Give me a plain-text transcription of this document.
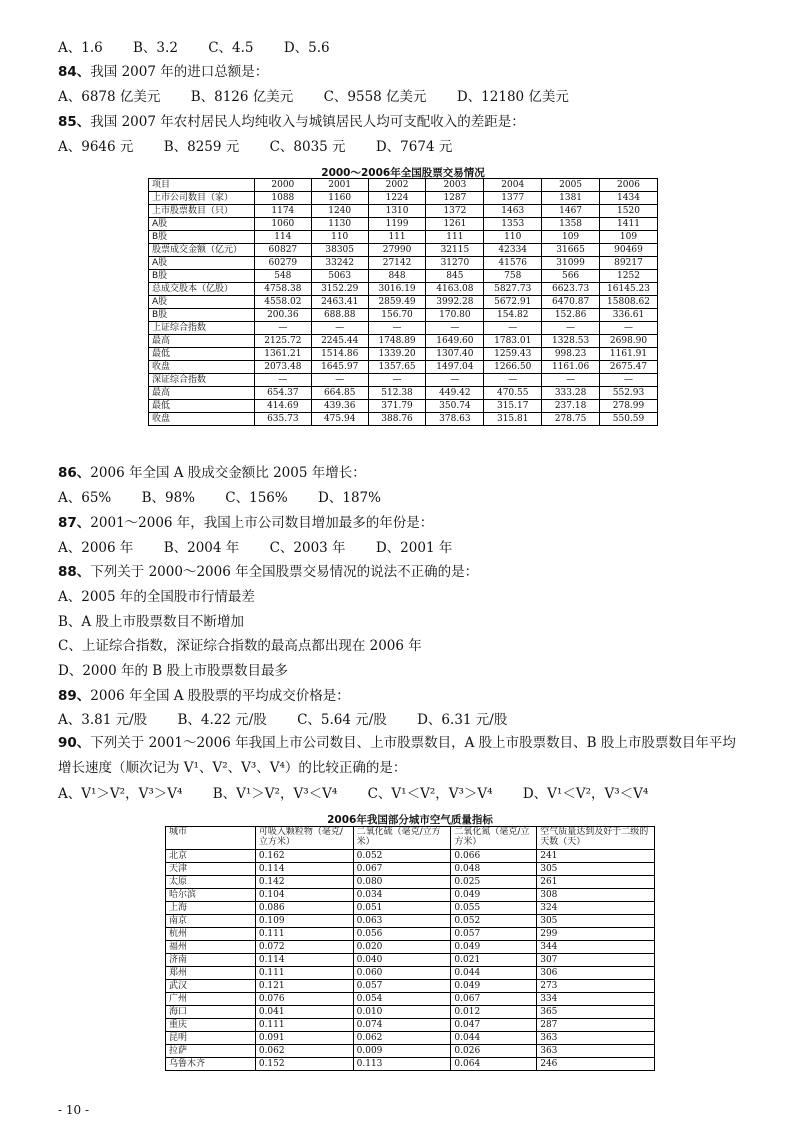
A、1.6 B、3.2 C、4.5 D、5.6
84、我国 2007 年的进口总额是：
A、6878 亿美元 B、8126 亿美元 C、9558 亿美元 D、12180 亿美元
85、我国 2007 年农村居民人均纯收入与城镇居民人均可支配收入的差距是：
A、9646 元 B、8259 元 C、8035 元 D、7674 元
2000～2006年全国股票交易情况
项目	2000	2001	2002	2003	2004	2005	2006
上市公司数目（家）	1088	1160	1224	1287	1377	1381	1434
上市股票数目（只）	1174	1240	1310	1372	1463	1467	1520
A股	1060	1130	1199	1261	1353	1358	1411
B股	114	110	111	111	110	109	109
股票成交金额（亿元）	60827	38305	27990	32115	42334	31665	90469
A股	60279	33242	27142	31270	41576	31099	89217
B股	548	5063	848	845	758	566	1252
总成交股本（亿股）	4758.38	3152.29	3016.19	4163.08	5827.73	6623.73	16145.23
A股	4558.02	2463.41	2859.49	3992.28	5672.91	6470.87	15808.62
B股	200.36	688.88	156.70	170.80	154.82	152.86	336.61
上证综合指数	—	—	—	—	—	—	—
最高	2125.72	2245.44	1748.89	1649.60	1783.01	1328.53	2698.90
最低	1361.21	1514.86	1339.20	1307.40	1259.43	998.23	1161.91
收盘	2073.48	1645.97	1357.65	1497.04	1266.50	1161.06	2675.47
深证综合指数	—	—	—	—	—	—	—
最高	654.37	664.85	512.38	449.42	470.55	333.28	552.93
最低	414.69	439.36	371.79	350.74	315.17	237.18	278.99
收盘	635.73	475.94	388.76	378.63	315.81	278.75	550.59
86、2006 年全国 A 股成交金额比 2005 年增长：
A、65% B、98% C、156% D、187%
87、2001～2006 年，我国上市公司数目增加最多的年份是：
A、2006 年 B、2004 年 C、2003 年 D、2001 年
88、下列关于 2000～2006 年全国股票交易情况的说法不正确的是：
A、2005 年的全国股市行情最差
B、A 股上市股票数目不断增加
C、上证综合指数，深证综合指数的最高点都出现在 2006 年
D、2000 年的 B 股上市股票数目最多
89、2006 年全国 A 股股票的平均成交价格是：
A、3.81 元/股 B、4.22 元/股 C、5.64 元/股 D、6.31 元/股
90、下列关于 2001～2006 年我国上市公司数目、上市股票数目，A 股上市股票数目、B 股上市股票数目年平均增长速度（顺次记为 V¹、V²、V³、V⁴）的比较正确的是：
A、V¹＞V²，V³＞V⁴ B、V¹＞V²，V³＜V⁴ C、V¹＜V²，V³＞V⁴ D、V¹＜V²，V³＜V⁴
2006年我国部分城市空气质量指标
城市	可吸入颗粒物（毫克/立方米）	二氧化硫（毫克/立方米）	二氧化氮（毫克/立方米）	空气质量达到及好于二级的天数（天）
北京	0.162	0.052	0.066	241
天津	0.114	0.067	0.048	305
太原	0.142	0.080	0.025	261
哈尔滨	0.104	0.034	0.049	308
上海	0.086	0.051	0.055	324
南京	0.109	0.063	0.052	305
杭州	0.111	0.056	0.057	299
福州	0.072	0.020	0.049	344
济南	0.114	0.040	0.021	307
郑州	0.111	0.060	0.044	306
武汉	0.121	0.057	0.049	273
广州	0.076	0.054	0.067	334
海口	0.041	0.010	0.012	365
重庆	0.111	0.074	0.047	287
昆明	0.091	0.062	0.044	363
拉萨	0.062	0.009	0.026	363
乌鲁木齐	0.152	0.113	0.064	246
- 10 -
